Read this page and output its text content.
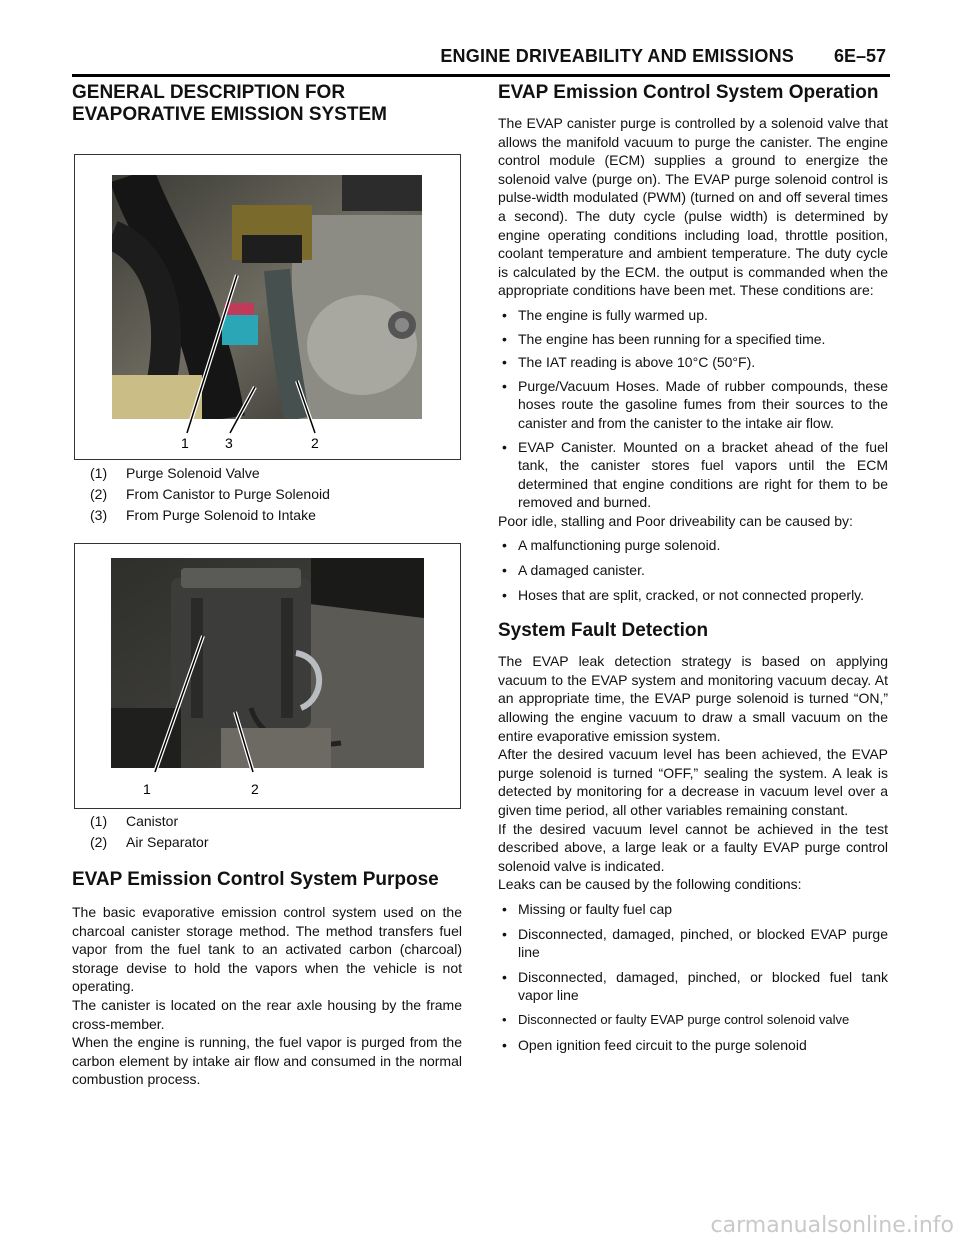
ENGINE DRIVEABILITY AND EMISSIONS 6E–57
GENERAL DESCRIPTION FOR
EVAPORATIVE EMISSION SYSTEM
1	3	2
(1) Purge Solenoid Valve
(2) From Canistor to Purge Solenoid
(3) From Purge Solenoid to Intake
1	2
(1) Canistor
(2) Air Separator
EVAP Emission Control System Purpose

The basic evaporative emission control system used on the charcoal canister storage method. The method transfers fuel vapor from the fuel tank to an activated carbon (charcoal) storage devise to hold the vapors when the vehicle is not operating.

The canister is located on the rear axle housing by the frame cross-member.

When the engine is running, the fuel vapor is purged from the carbon element by intake air flow and consumed in the normal combustion process.

EVAP Emission Control System Operation

The EVAP canister purge is controlled by a solenoid valve that allows the manifold vacuum to purge the canister. The engine control module (ECM) supplies a ground to energize the solenoid valve (purge on). The EVAP purge solenoid control is pulse-width modulated (PWM) (turned on and off several times a second). The duty cycle (pulse width) is determined by engine operating conditions including load, throttle position, coolant temperature and ambient temperature. The duty cycle is calculated by the ECM. the output is commanded when the appropriate conditions have been met. These conditions are:

• The engine is fully warmed up.
• The engine has been running for a specified time.
• The IAT reading is above 10°C (50°F).
• Purge/Vacuum Hoses. Made of rubber compounds, these hoses route the gasoline fumes from their sources to the canister and from the canister to the intake air flow.
• EVAP Canister. Mounted on a bracket ahead of the fuel tank, the canister stores fuel vapors until the ECM determined that engine conditions are right for them to be removed and burned.

Poor idle, stalling and Poor driveability can be caused by:

• A malfunctioning purge solenoid.
• A damaged canister.
• Hoses that are split, cracked, or not connected properly.
System Fault Detection

The EVAP leak detection strategy is based on applying vacuum to the EVAP system and monitoring vacuum decay. At an appropriate time, the EVAP purge solenoid is turned “ON,” allowing the engine vacuum to draw a small vacuum on the entire evaporative emission system.

After the desired vacuum level has been achieved, the EVAP purge solenoid is turned “OFF,” sealing the system. A leak is detected by monitoring for a decrease in vacuum level over a given time period, all other variables remaining constant.

If the desired vacuum level cannot be achieved in the test described above, a large leak or a faulty EVAP purge control solenoid valve is indicated.

Leaks can be caused by the following conditions:

• Missing or faulty fuel cap
• Disconnected, damaged, pinched, or blocked EVAP purge line
• Disconnected, damaged, pinched, or blocked fuel tank vapor line
• Disconnected or faulty EVAP purge control solenoid valve
• Open ignition feed circuit to the purge solenoid
carmanualsonline.info
